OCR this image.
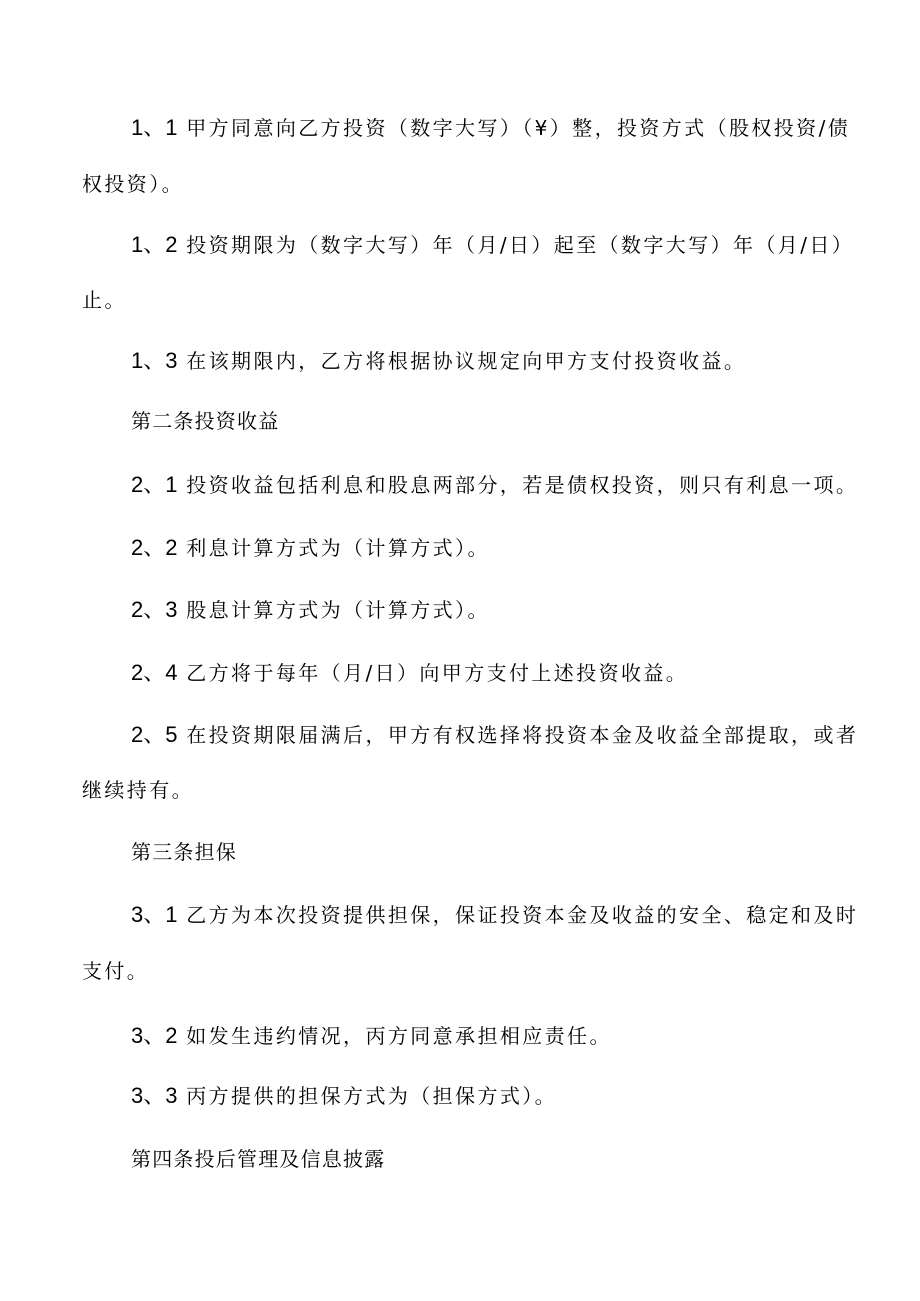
1、1 甲方同意向乙方投资（数字大写）（¥）整，投资方式（股权投资/债
权投资）。
1、2 投资期限为（数字大写）年（月/日）起至（数字大写）年（月/日）
止。
1、3 在该期限内，乙方将根据协议规定向甲方支付投资收益。
第二条投资收益
2、1 投资收益包括利息和股息两部分，若是债权投资，则只有利息一项。
2、2 利息计算方式为（计算方式）。
2、3 股息计算方式为（计算方式）。
2、4 乙方将于每年（月/日）向甲方支付上述投资收益。
2、5 在投资期限届满后，甲方有权选择将投资本金及收益全部提取，或者
继续持有。
第三条担保
3、1 乙方为本次投资提供担保，保证投资本金及收益的安全、稳定和及时
支付。
3、2 如发生违约情况，丙方同意承担相应责任。
3、3 丙方提供的担保方式为（担保方式）。
第四条投后管理及信息披露
